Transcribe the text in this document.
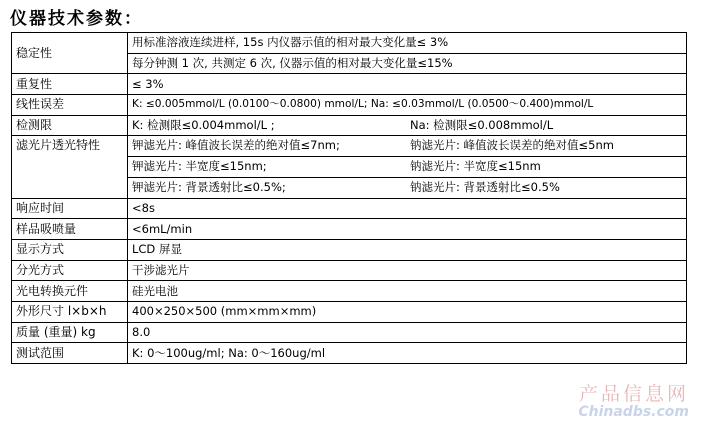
仪器技术参数：
稳定性	用标准溶液连续进样, 15s 内仪器示值的相对最大变化量≤ 3%
每分钟测 1 次, 共测定 6 次, 仪器示值的相对最大变化量≤15%

重复性	≤ 3%
线性误差	K: ≤0.005mmol/L (0.0100～0.0800) mmol/L; Na: ≤0.03mmol/L (0.0500～0.400)mmol/L
检测限	K: 检测限≤0.004mmol/L ; Na: 检测限≤0.008mmol/L
滤光片透光特性	钾滤光片: 峰值波长误差的绝对值≤7nm; 钠滤光片: 峰值波长误差的绝对值≤5nm
钾滤光片: 半宽度≤15nm; 钠滤光片: 半宽度≤15nm
钾滤光片: 背景透射比≤0.5%; 钠滤光片: 背景透射比≤0.5%

响应时间	<8s
样品吸喷量	<6mL/min
显示方式	LCD 屏显
分光方式	干涉滤光片
光电转换元件	硅光电池
外形尺寸 l×b×h	400×250×500 (mm×mm×mm)
质量 (重量) kg	8.0
测试范围	K: 0～100ug/ml; Na: 0～160ug/ml
产品信息网
Chinadbs.com
